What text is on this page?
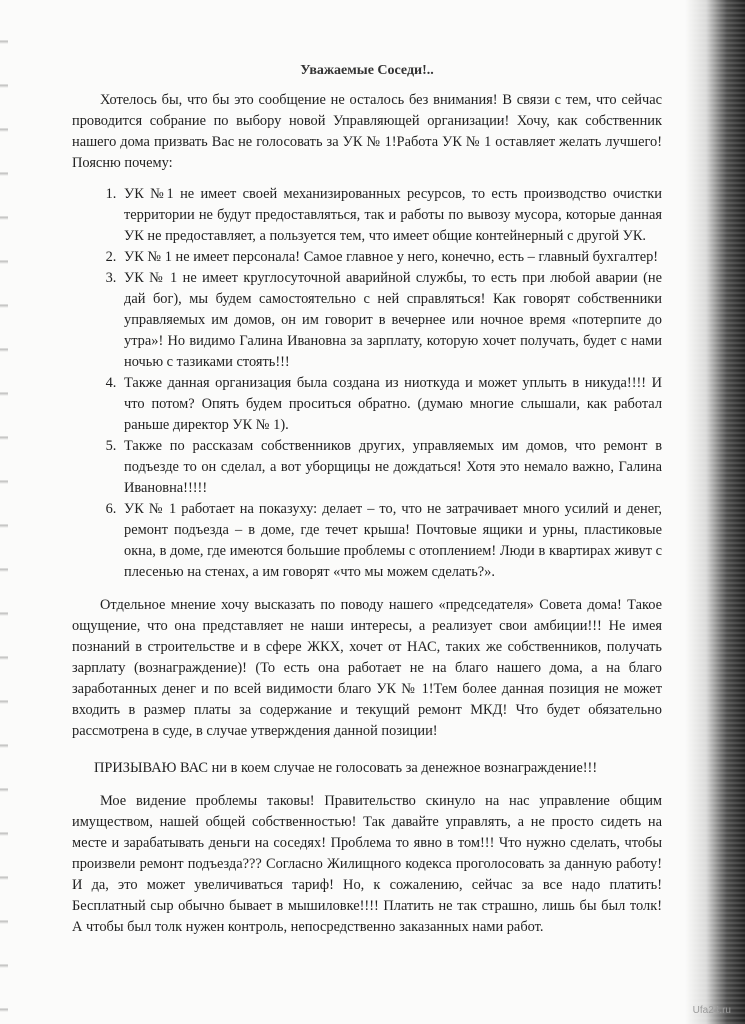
Уважаемые Соседи!..

Хотелось бы, что бы это сообщение не осталось без внимания! В связи с тем, что сейчас проводится собрание по выбору новой Управляющей организации! Хочу, как собственник нашего дома призвать Вас не голосовать за УК № 1!Работа УК № 1 оставляет желать лучшего! Поясню почему:

1. УК №1 не имеет своей механизированных ресурсов, то есть производство очистки территории не будут предоставляться, так и работы по вывозу мусора, которые данная УК не предоставляет, а пользуется тем, что имеет общие контейнерный с другой УК.
2. УК № 1 не имеет персонала! Самое главное у него, конечно, есть – главный бухгалтер!
3. УК № 1 не имеет круглосуточной аварийной службы, то есть при любой аварии (не дай бог), мы будем самостоятельно с ней справляться! Как говорят собственники управляемых им домов, он им говорит в вечернее или ночное время «потерпите до утра»! Но видимо Галина Ивановна за зарплату, которую хочет получать, будет с нами ночью с тазиками стоять!!!
4. Также данная организация была создана из ниоткуда и может уплыть в никуда!!!! И что потом? Опять будем проситься обратно. (думаю многие слышали, как работал раньше директор УК № 1).
5. Также по рассказам собственников других, управляемых им домов, что ремонт в подъезде то он сделал, а вот уборщицы не дождаться! Хотя это немало важно, Галина Ивановна!!!!!
6. УК № 1 работает на показуху: делает – то, что не затрачивает много усилий и денег, ремонт подъезда – в доме, где течет крыша! Почтовые ящики и урны, пластиковые окна, в доме, где имеются большие проблемы с отоплением! Люди в квартирах живут с плесенью на стенах, а им говорят «что мы можем сделать?».

Отдельное мнение хочу высказать по поводу нашего «председателя» Совета дома! Такое ощущение, что она представляет не наши интересы, а реализует свои амбиции!!! Не имея познаний в строительстве и в сфере ЖКХ, хочет от НАС, таких же собственников, получать зарплату (вознаграждение)! (То есть она работает не на благо нашего дома, а на благо заработанных денег и по всей видимости благо УК № 1!Тем более данная позиция не может входить в размер платы за содержание и текущий ремонт МКД! Что будет обязательно рассмотрена в суде, в случае утверждения данной позиции!

ПРИЗЫВАЮ ВАС ни в коем случае не голосовать за денежное вознаграждение!!!

Мое видение проблемы таковы! Правительство скинуло на нас управление общим имуществом, нашей общей собственностью! Так давайте управлять, а не просто сидеть на месте и зарабатывать деньги на соседях! Проблема то явно в том!!! Что нужно сделать, чтобы произвели ремонт подъезда??? Согласно Жилищного кодекса проголосовать за данную работу! И да, это может увеличиваться тариф! Но, к сожалению, сейчас за все надо платить! Бесплатный сыр обычно бывает в мышиловке!!!! Платить не так страшно, лишь бы был толк! А чтобы был толк нужен контроль, непосредственно заказанных нами работ.

Ufa24.ru
